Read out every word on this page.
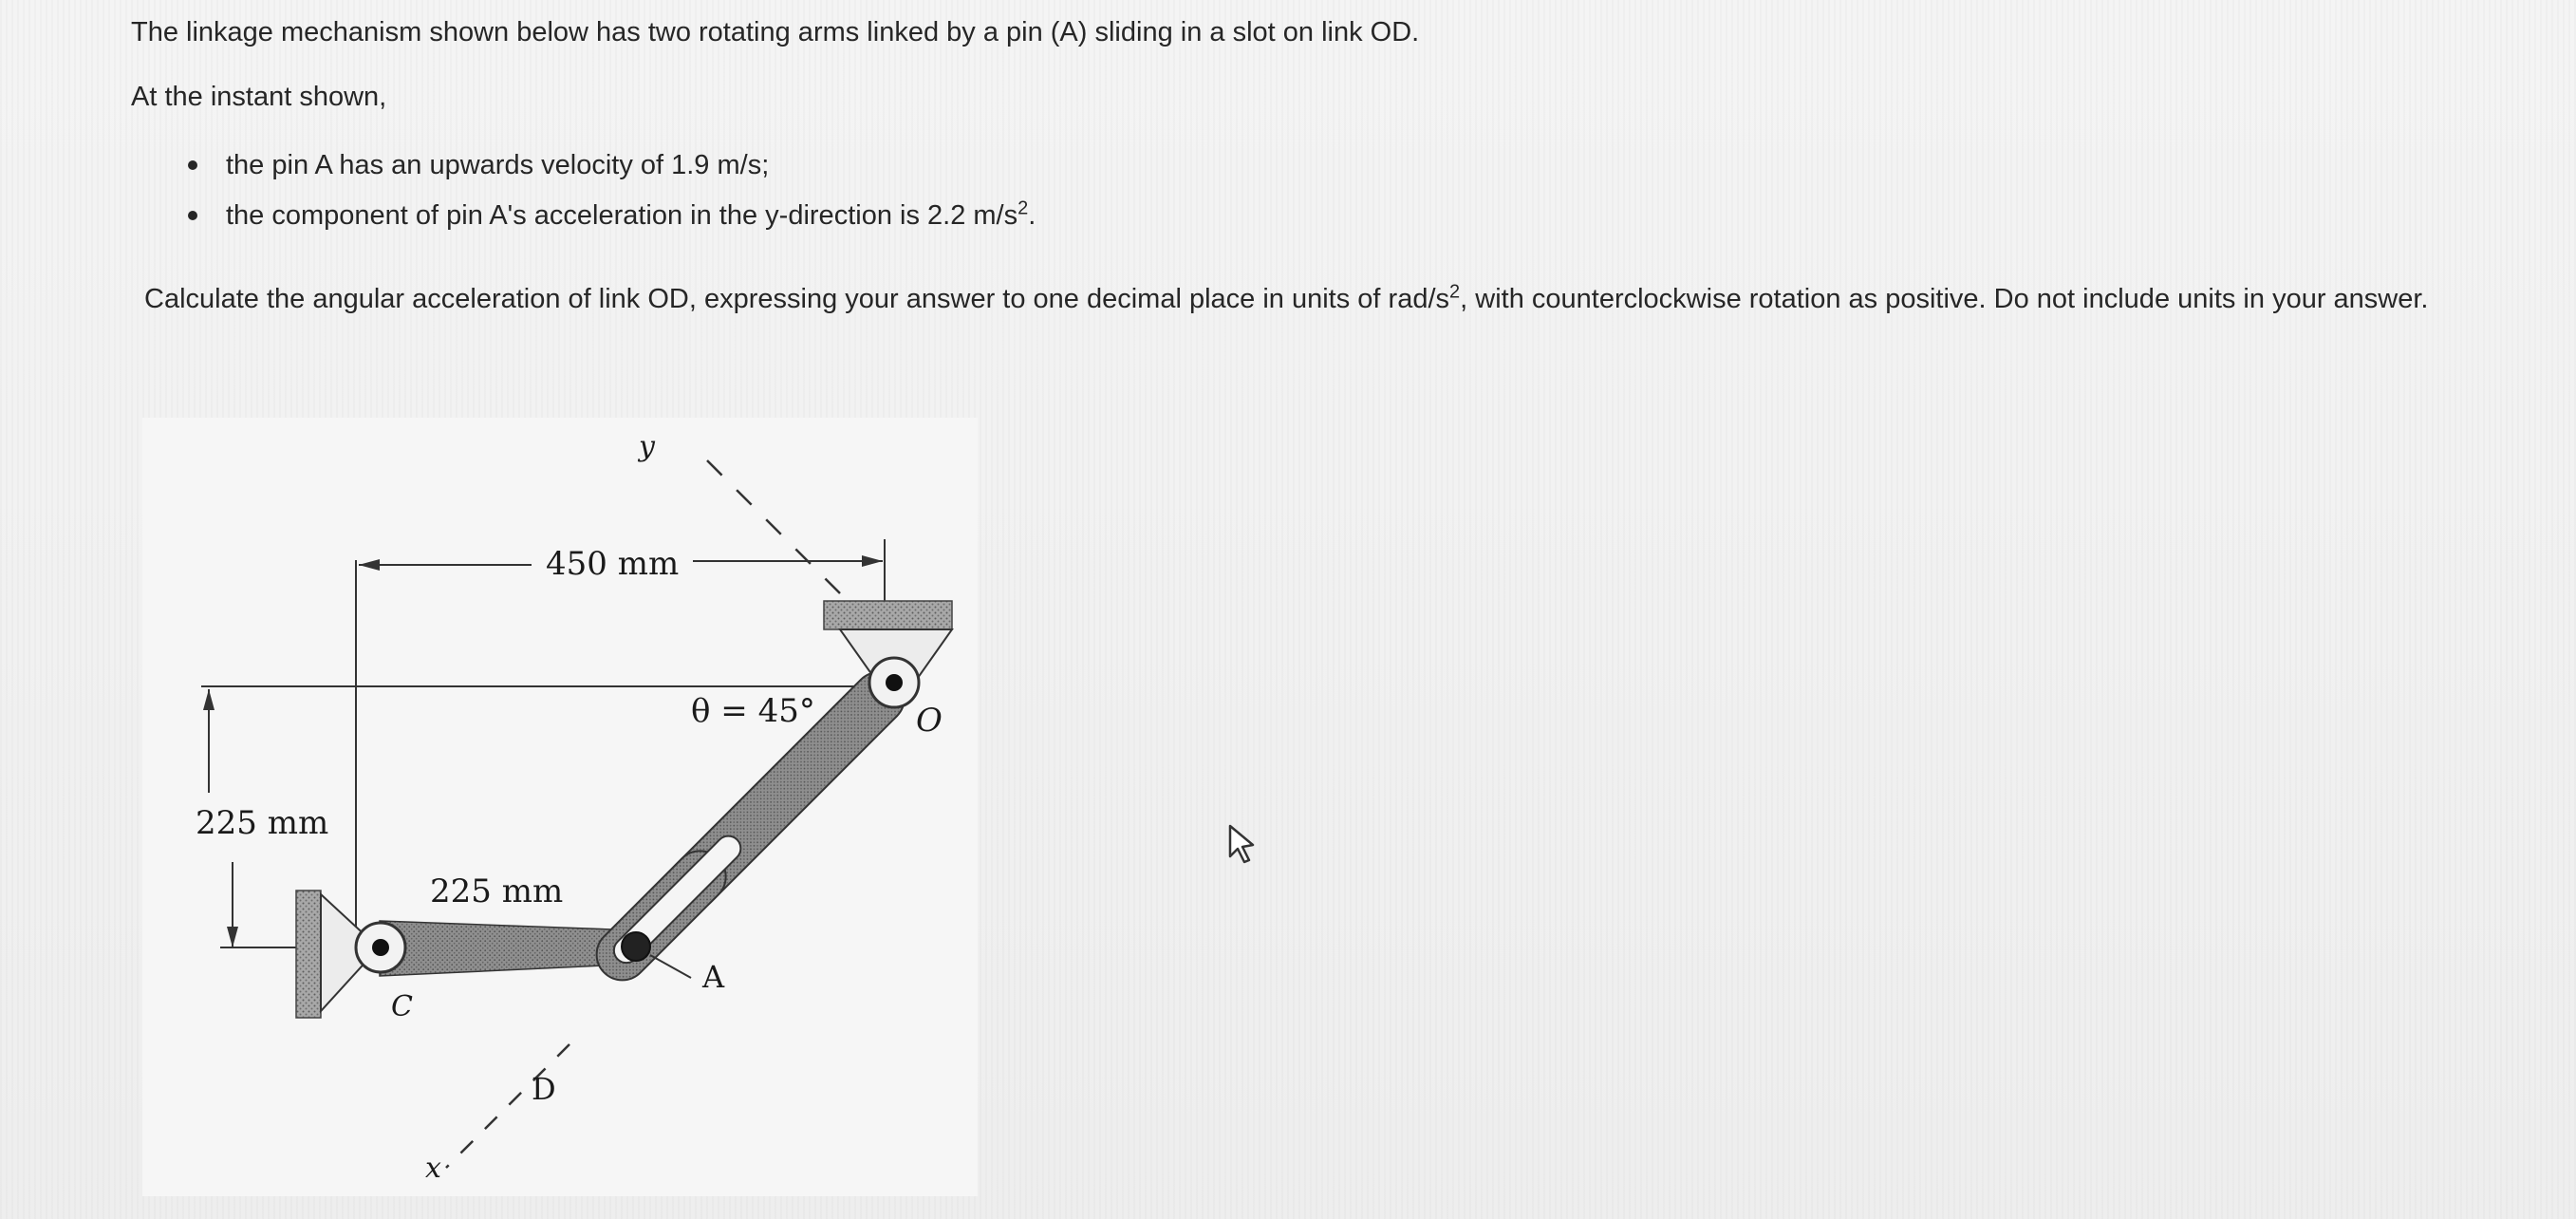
The linkage mechanism shown below has two rotating arms linked by a pin (A) sliding in a slot on link OD.

At the instant shown,

the pin A has an upwards velocity of 1.9 m/s;
the component of pin A's acceleration in the y-direction is 2.2 $m/s^2$.

Calculate the angular acceleration of link OD, expressing your answer to one decimal place in units of rad/$s^2$, with counterclockwise rotation as positive. Do not include units in your answer.

y
450 mm
225 mm
225 mm
C
x
A
D
O
θ = 45°
